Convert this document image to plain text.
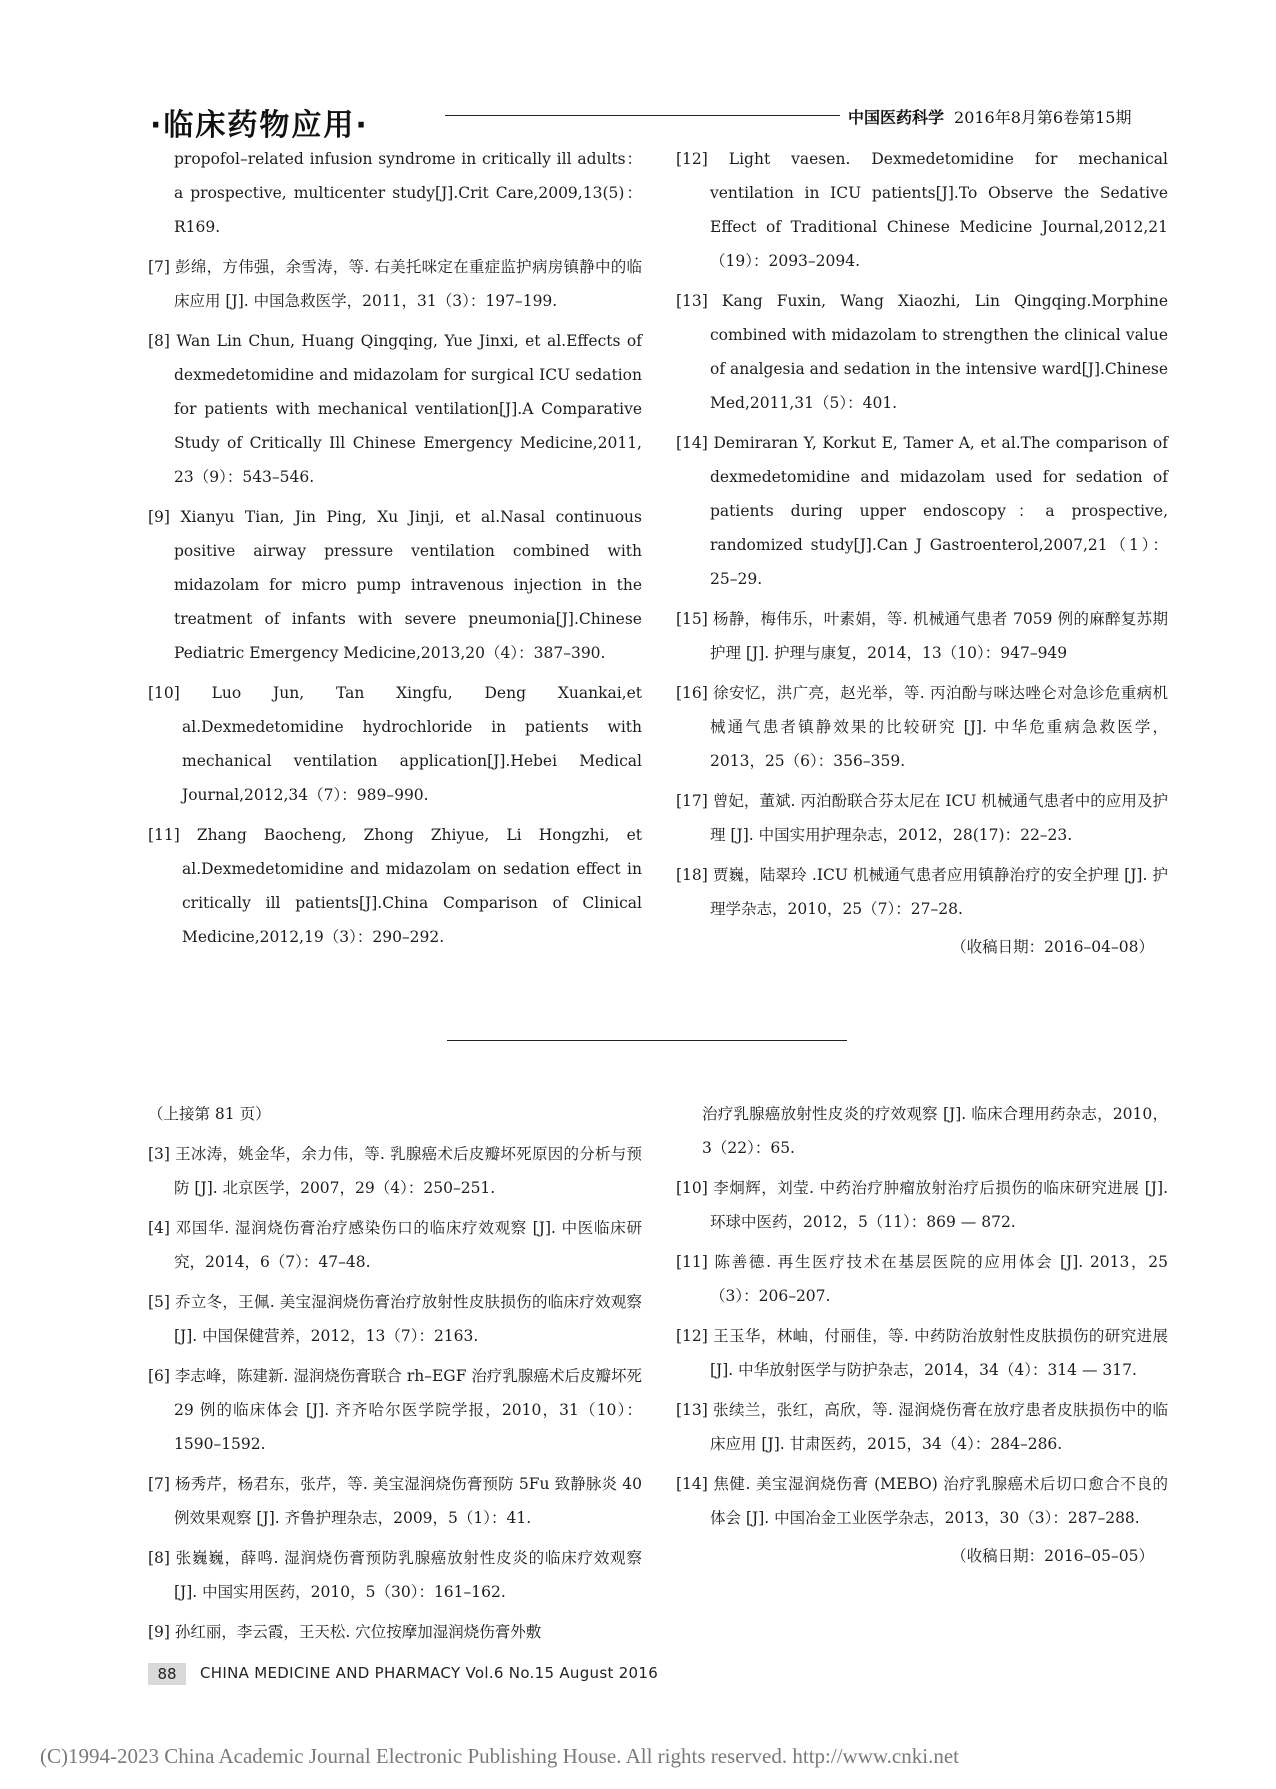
·临床药物应用·	中国医药科学 2016年8月第6卷第15期

propofol–related infusion syndrome in critically ill adults：a prospective, multicenter study[J].Crit Care,2009,13(5)：R169.

[7] 彭绵，方伟强，余雪涛，等. 右美托咪定在重症监护病房镇静中的临床应用 [J]. 中国急救医学，2011，31（3）：197–199.

[8] Wan Lin Chun, Huang Qingqing, Yue Jinxi, et al.Effects of dexmedetomidine and midazolam for surgical ICU sedation for patients with mechanical ventilation[J].A Comparative Study of Critically Ill Chinese Emergency Medicine,2011, 23（9）：543–546.

[9] Xianyu Tian, Jin Ping, Xu Jinji, et al.Nasal continuous positive airway pressure ventilation combined with midazolam for micro pump intravenous injection in the treatment of infants with severe pneumonia[J].Chinese Pediatric Emergency Medicine,2013,20（4）：387–390.

[10] Luo Jun, Tan Xingfu, Deng Xuankai,et al.Dexmedetomidine hydrochloride in patients with mechanical ventilation application[J].Hebei Medical Journal,2012,34（7）：989–990.

[11] Zhang Baocheng, Zhong Zhiyue, Li Hongzhi, et al.Dexmedetomidine and midazolam on sedation effect in critically ill patients[J].China Comparison of Clinical Medicine,2012,19（3）：290–292.

[12] Light vaesen. Dexmedetomidine for mechanical ventilation in ICU patients[J].To Observe the Sedative Effect of Traditional Chinese Medicine Journal,2012,21（19）：2093–2094.

[13] Kang Fuxin, Wang Xiaozhi, Lin Qingqing.Morphine combined with midazolam to strengthen the clinical value of analgesia and sedation in the intensive ward[J].Chinese Med,2011,31（5）：401.

[14] Demiraran Y, Korkut E, Tamer A, et al.The comparison of dexmedetomidine and midazolam used for sedation of patients during upper endoscopy：a prospective, randomized study[J].Can J Gastroenterol,2007,21（1）：25–29.

[15] 杨静，梅伟乐，叶素娟，等. 机械通气患者 7059 例的麻醉复苏期护理 [J]. 护理与康复，2014，13（10）：947–949

[16] 徐安忆，洪广亮，赵光举，等. 丙泊酚与咪达唑仑对急诊危重病机械通气患者镇静效果的比较研究 [J]. 中华危重病急救医学，2013，25（6）：356–359.

[17] 曾妃，董斌. 丙泊酚联合芬太尼在 ICU 机械通气患者中的应用及护理 [J]. 中国实用护理杂志，2012，28(17)：22–23.

[18] 贾巍，陆翠玲 .ICU 机械通气患者应用镇静治疗的安全护理 [J]. 护理学杂志，2010，25（7）：27–28.

（收稿日期：2016–04–08）

（上接第 81 页）

[3] 王冰涛，姚金华，余力伟，等. 乳腺癌术后皮瓣坏死原因的分析与预防 [J]. 北京医学，2007，29（4）：250–251.

[4] 邓国华. 湿润烧伤膏治疗感染伤口的临床疗效观察 [J]. 中医临床研究，2014，6（7）：47–48.

[5] 乔立冬，王佩. 美宝湿润烧伤膏治疗放射性皮肤损伤的临床疗效观察 [J]. 中国保健营养，2012，13（7）：2163.

[6] 李志峰，陈建新. 湿润烧伤膏联合 rh–EGF 治疗乳腺癌术后皮瓣坏死 29 例的临床体会 [J]. 齐齐哈尔医学院学报，2010，31（10）：1590–1592.

[7] 杨秀芹，杨君东，张芹，等. 美宝湿润烧伤膏预防 5Fu 致静脉炎 40 例效果观察 [J]. 齐鲁护理杂志，2009，5（1）：41.

[8] 张巍巍，薛鸣. 湿润烧伤膏预防乳腺癌放射性皮炎的临床疗效观察 [J]. 中国实用医药，2010，5（30）：161–162.

[9] 孙红丽，李云霞，王天松. 穴位按摩加湿润烧伤膏外敷

治疗乳腺癌放射性皮炎的疗效观察 [J]. 临床合理用药杂志，2010，3（22）：65.

[10] 李炯辉，刘莹. 中药治疗肿瘤放射治疗后损伤的临床研究进展 [J]. 环球中医药，2012，5（11）：869 — 872.

[11] 陈善德. 再生医疗技术在基层医院的应用体会 [J]. 2013，25（3）：206–207.

[12] 王玉华，林岫，付丽佳，等. 中药防治放射性皮肤损伤的研究进展 [J]. 中华放射医学与防护杂志，2014，34（4）：314 — 317.

[13] 张续兰，张红，高欣，等. 湿润烧伤膏在放疗患者皮肤损伤中的临床应用 [J]. 甘肃医药，2015，34（4）：284–286.

[14] 焦健. 美宝湿润烧伤膏 (MEBO) 治疗乳腺癌术后切口愈合不良的体会 [J]. 中国冶金工业医学杂志，2013，30（3）：287–288.

（收稿日期：2016–05–05）
88	CHINA MEDICINE AND PHARMACY Vol.6 No.15 August 2016
(C)1994-2023 China Academic Journal Electronic Publishing House. All rights reserved. http://www.cnki.net
